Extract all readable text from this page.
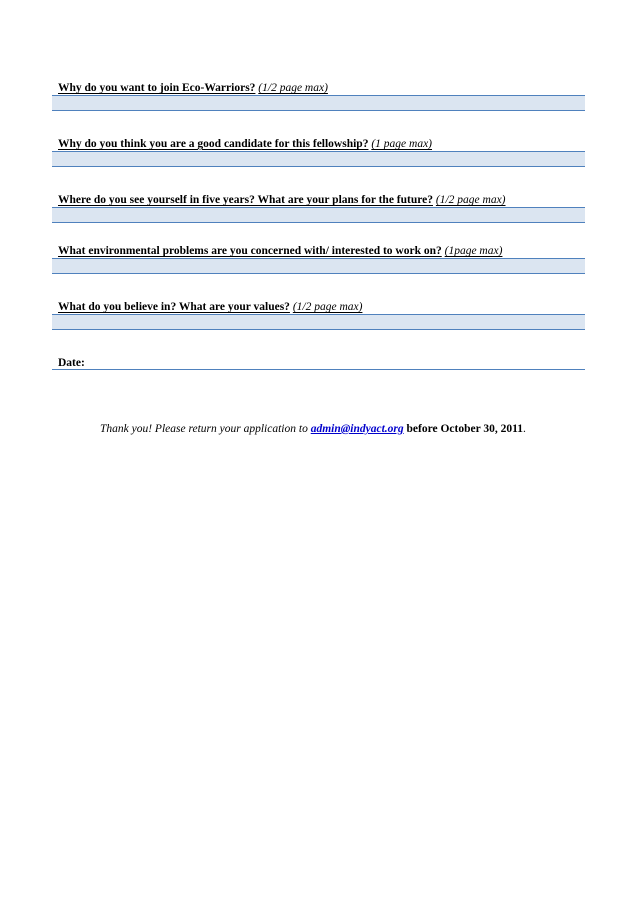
Why do you want to join Eco-Warriors? (1/2 page max)
Why do you think you are a good candidate for this fellowship? (1 page max)
Where do you see yourself in five years? What are your plans for the future? (1/2 page max)
What environmental problems are you concerned with/ interested to work on? (1page max)
What do you believe in? What are your values? (1/2 page max)
Date:
Thank you! Please return your application to admin@indyact.org before October 30, 2011.
